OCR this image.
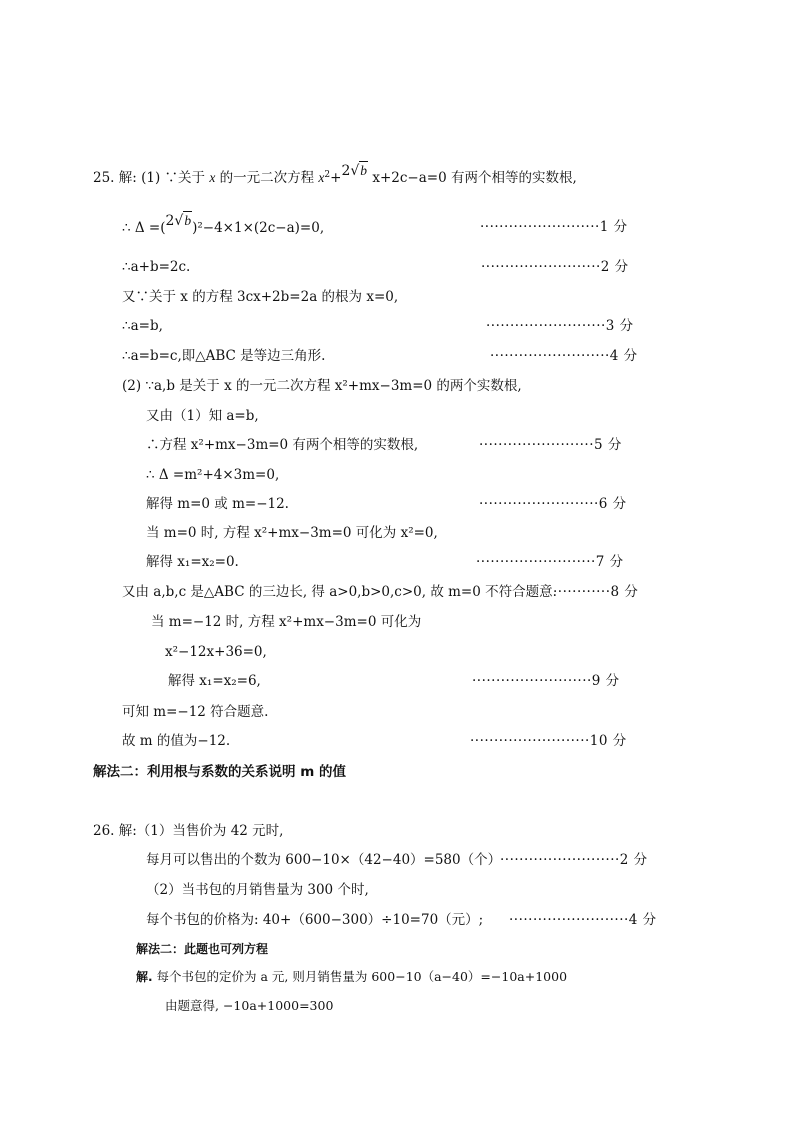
25. 解: (1) ∵关于 x 的一元二次方程 $x^2+2√b$ x+2c−a=0 有两个相等的实数根,
∴ Δ =(2√b)²−4×1×(2c−a)=0,	·························1 分
∴a+b=2c.	·························2 分
又∵关于 x 的方程 3cx+2b=2a 的根为 x=0,
∴a=b,	·························3 分
∴a=b=c,即△ABC 是等边三角形.	·························4 分
(2) ∵a,b 是关于 x 的一元二次方程 x²+mx−3m=0 的两个实数根,
又由（1）知 a=b,
∴方程 x²+mx−3m=0 有两个相等的实数根,	························5 分
∴ Δ =m²+4×3m=0,
解得 m=0 或 m=−12.	·························6 分
当 m=0 时, 方程 x²+mx−3m=0 可化为 x²=0,
解得 x₁=x₂=0.	·························7 分
又由 a,b,c 是△ABC 的三边长, 得 a>0,b>0,c>0, 故 m=0 不符合题意.
············8 分
当 m=−12 时, 方程 x²+mx−3m=0 可化为
x²−12x+36=0,
解得 x₁=x₂=6,	·························9 分
可知 m=−12 符合题意.
故 m 的值为−12.	·························10 分
解法二：利用根与系数的关系说明 m 的值
26. 解:（1）当售价为 42 元时,
每月可以售出的个数为 600−10×（42−40）=580（个）
·························2 分
（2）当书包的月销售量为 300 个时,
每个书包的价格为: 40+（600−300）÷10=70（元）; ·························4 分
解法二：此题也可列方程
解. 每个书包的定价为 a 元, 则月销售量为 600−10（a−40）=−10a+1000
由题意得, −10a+1000=300
